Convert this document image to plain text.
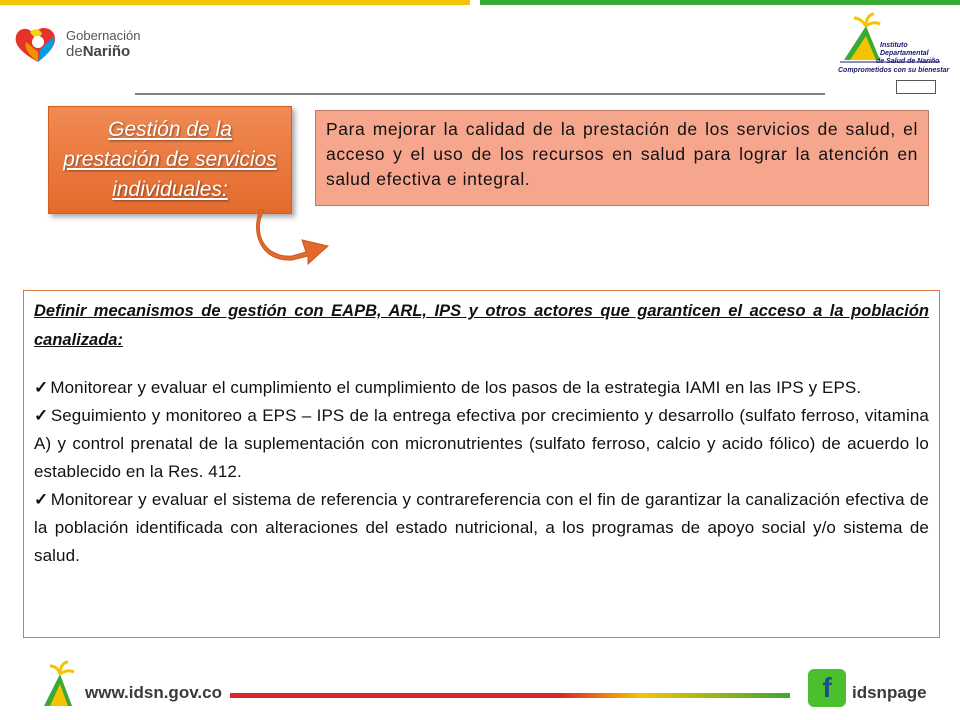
Gobernación
deNariño	Instituto
Departamental
de Salud de Nariño
Comprometidos con su bienestar
Gestión de la prestación de servicios individuales:
Para mejorar la calidad de la prestación de los servicios de salud, el acceso y el uso de los recursos en salud para lograr la atención en salud efectiva e integral.

Definir mecanismos de gestión con EAPB, ARL, IPS y otros actores que garanticen el acceso a la población canalizada:

✓ Monitorear y evaluar el cumplimiento el cumplimiento de los pasos de la estrategia IAMI en las IPS y EPS.

✓ Seguimiento y monitoreo a EPS – IPS de la entrega efectiva por crecimiento y desarrollo (sulfato ferroso, vitamina A) y control prenatal de la suplementación con micronutrientes (sulfato ferroso, calcio y acido fólico) de acuerdo lo establecido en la Res. 412.

✓ Monitorear y evaluar el sistema de referencia y contrareferencia con el fin de garantizar la canalización efectiva de la población identificada con alteraciones del estado nutricional, a los programas de apoyo social y/o sistema de salud.

www.idsn.gov.co	f idsnpage
